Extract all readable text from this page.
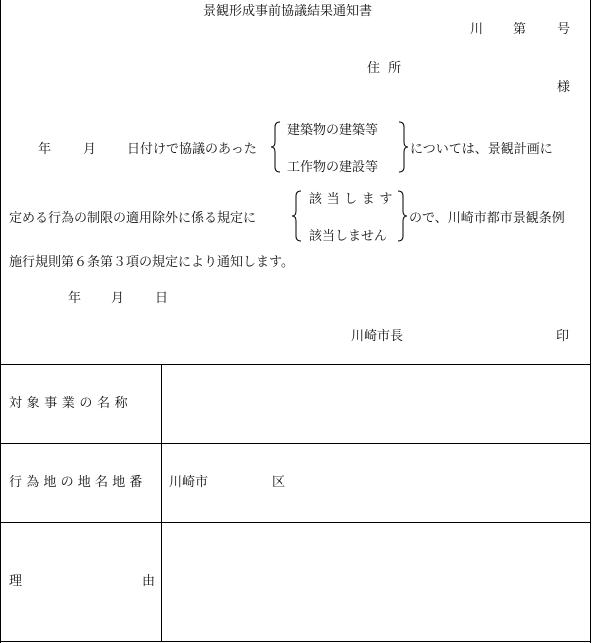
景観形成事前協議結果通知書
川 第 号
住 所
様
年 月 日付けで協議のあった
建築物の建築等
工作物の建設等
については、景観計画に
定める行為の制限の適用除外に係る規定に
該当します
該当しません
ので、川崎市都市景観条例
施行規則第６条第３項の規定により通知します。
年 月 日
川崎市長	印
対象事業の名称
行為地の地名地番 川崎市	区
理	由
